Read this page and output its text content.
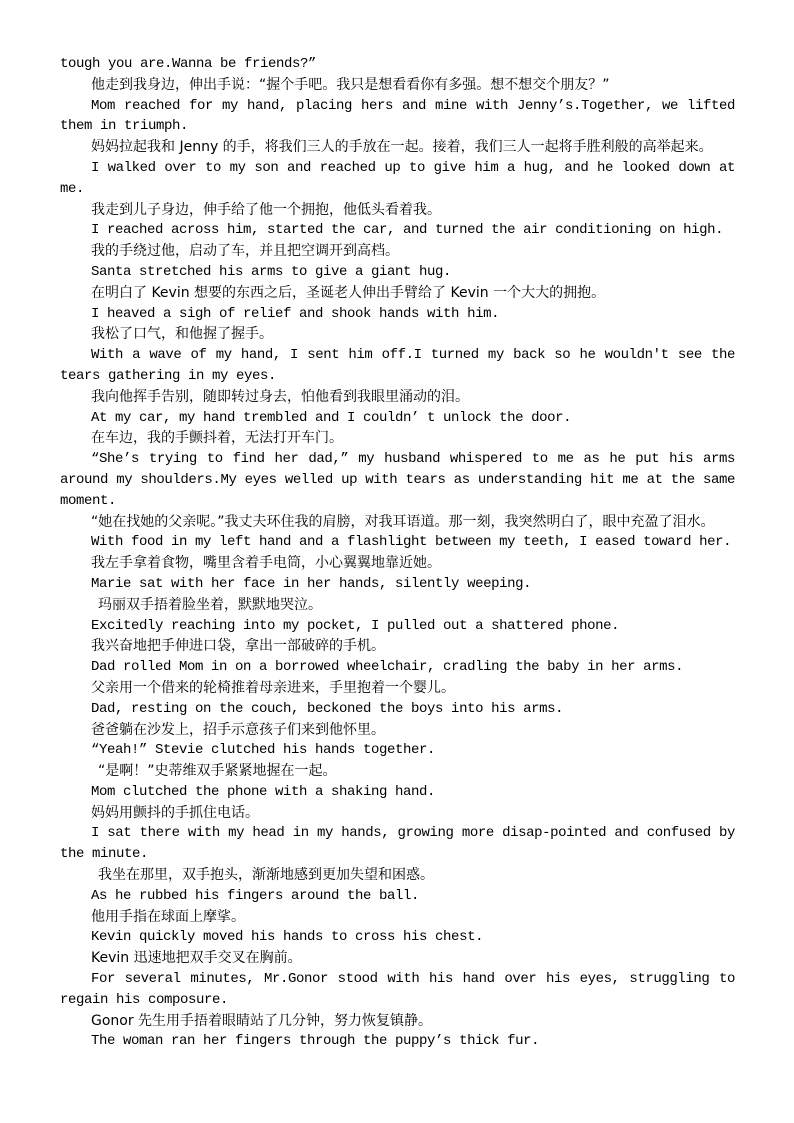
tough you are.Wanna be friends?”

他走到我身边，伸出手说：“握个手吧。我只是想看看你有多强。想不想交个朋友？”

Mom reached for my hand, placing hers and mine with Jenny’s.Together, we lifted them in triumph.

妈妈拉起我和 Jenny 的手，将我们三人的手放在一起。接着，我们三人一起将手胜利般的高举起来。

I walked over to my son and reached up to give him a hug, and he looked down at me.

我走到儿子身边，伸手给了他一个拥抱，他低头看着我。

I reached across him, started the car, and turned the air conditioning on high.

我的手绕过他，启动了车，并且把空调开到高档。

Santa stretched his arms to give a giant hug.

在明白了 Kevin 想要的东西之后，圣诞老人伸出手臂给了 Kevin 一个大大的拥抱。

I heaved a sigh of relief and shook hands with him.

我松了口气，和他握了握手。

With a wave of my hand, I sent him off.I turned my back so he wouldn't see the tears gathering in my eyes.

我向他挥手告别，随即转过身去，怕他看到我眼里涌动的泪。

At my car, my hand trembled and I couldn’ t unlock the door.

在车边，我的手颤抖着，无法打开车门。

“She’s trying to find her dad,” my husband whispered to me as he put his arms around my shoulders.My eyes welled up with tears as understanding hit me at the same moment.

“她在找她的父亲呢。”我丈夫环住我的肩膀，对我耳语道。那一刻，我突然明白了，眼中充盈了泪水。

With food in my left hand and a flashlight between my teeth, I eased toward her.

我左手拿着食物，嘴里含着手电筒，小心翼翼地靠近她。

Marie sat with her face in her hands, silently weeping.

玛丽双手捂着脸坐着，默默地哭泣。

Excitedly reaching into my pocket, I pulled out a shattered phone.

我兴奋地把手伸进口袋，拿出一部破碎的手机。

Dad rolled Mom in on a borrowed wheelchair, cradling the baby in her arms.

父亲用一个借来的轮椅推着母亲进来，手里抱着一个婴儿。

Dad, resting on the couch, beckoned the boys into his arms.

爸爸躺在沙发上，招手示意孩子们来到他怀里。

“Yeah!” Stevie clutched his hands together.

“是啊！”史蒂维双手紧紧地握在一起。

Mom clutched the phone with a shaking hand.

妈妈用颤抖的手抓住电话。

I sat there with my head in my hands, growing more disap-pointed and confused by the minute.

我坐在那里，双手抱头，渐渐地感到更加失望和困惑。

As he rubbed his fingers around the ball.

他用手指在球面上摩挲。

Kevin quickly moved his hands to cross his chest.

Kevin 迅速地把双手交叉在胸前。

For several minutes, Mr.Gonor stood with his hand over his eyes, struggling to regain his composure.

Gonor 先生用手捂着眼睛站了几分钟，努力恢复镇静。

The woman ran her fingers through the puppy’s thick fur.
